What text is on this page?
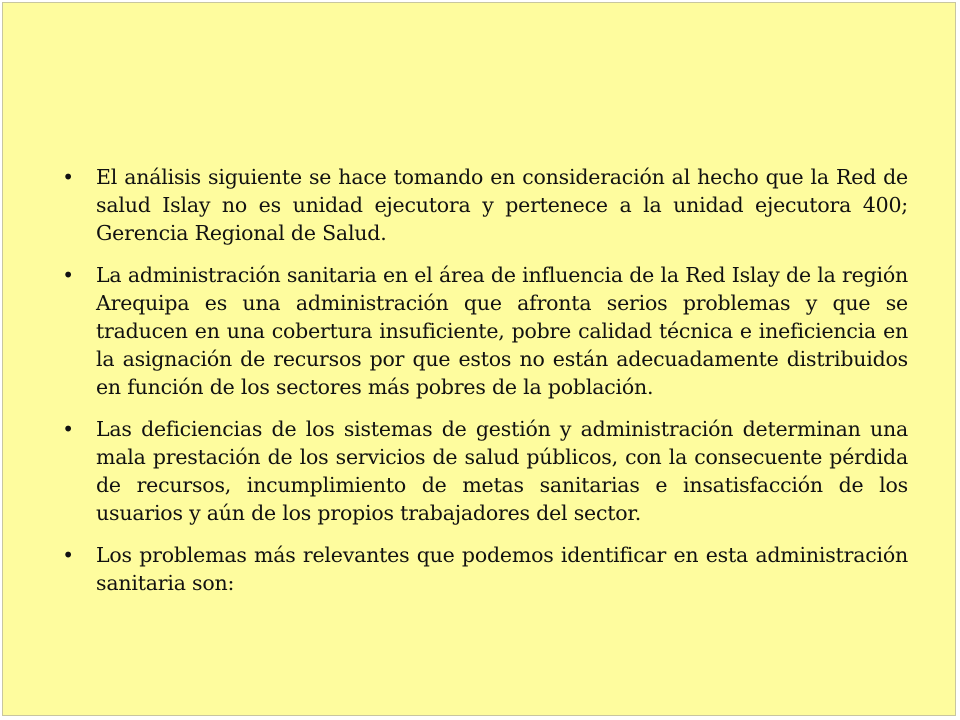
• El análisis siguiente se hace tomando en consideración al hecho que la Red de salud Islay no es unidad ejecutora y pertenece a la unidad ejecutora 400; Gerencia Regional de Salud.
• La administración sanitaria en el área de influencia de la Red Islay de la región Arequipa es una administración que afronta serios problemas y que se traducen en una cobertura insuficiente, pobre calidad técnica e ineficiencia en la asignación de recursos por que estos no están adecuadamente distribuidos en función de los sectores más pobres de la población.
• Las deficiencias de los sistemas de gestión y administración determinan una mala prestación de los servicios de salud públicos, con la consecuente pérdida de recursos, incumplimiento de metas sanitarias e insatisfacción de los usuarios y aún de los propios trabajadores del sector.
• Los problemas más relevantes que podemos identificar en esta administración sanitaria son:
